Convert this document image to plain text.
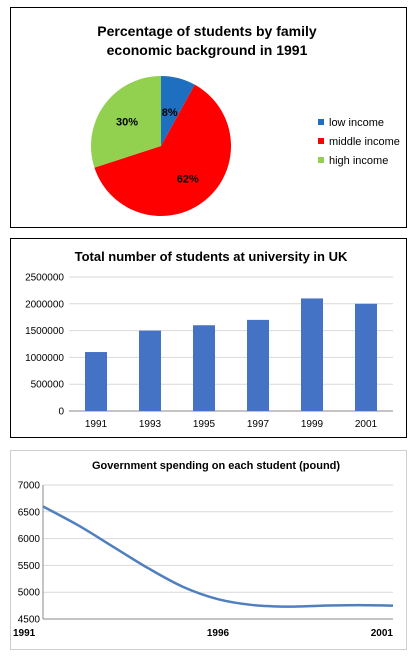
Percentage of students by family
economic background in 1991
8%
62%
30%	low income
middle income
high income
Total number of students at university in UK
0
500000
1000000
1500000
2000000
2500000
1991	1993	1995	1997	1999	2001
Government spending on each student (pound)
4500
5000
5500
6000
6500
7000
1991	1996	2001
